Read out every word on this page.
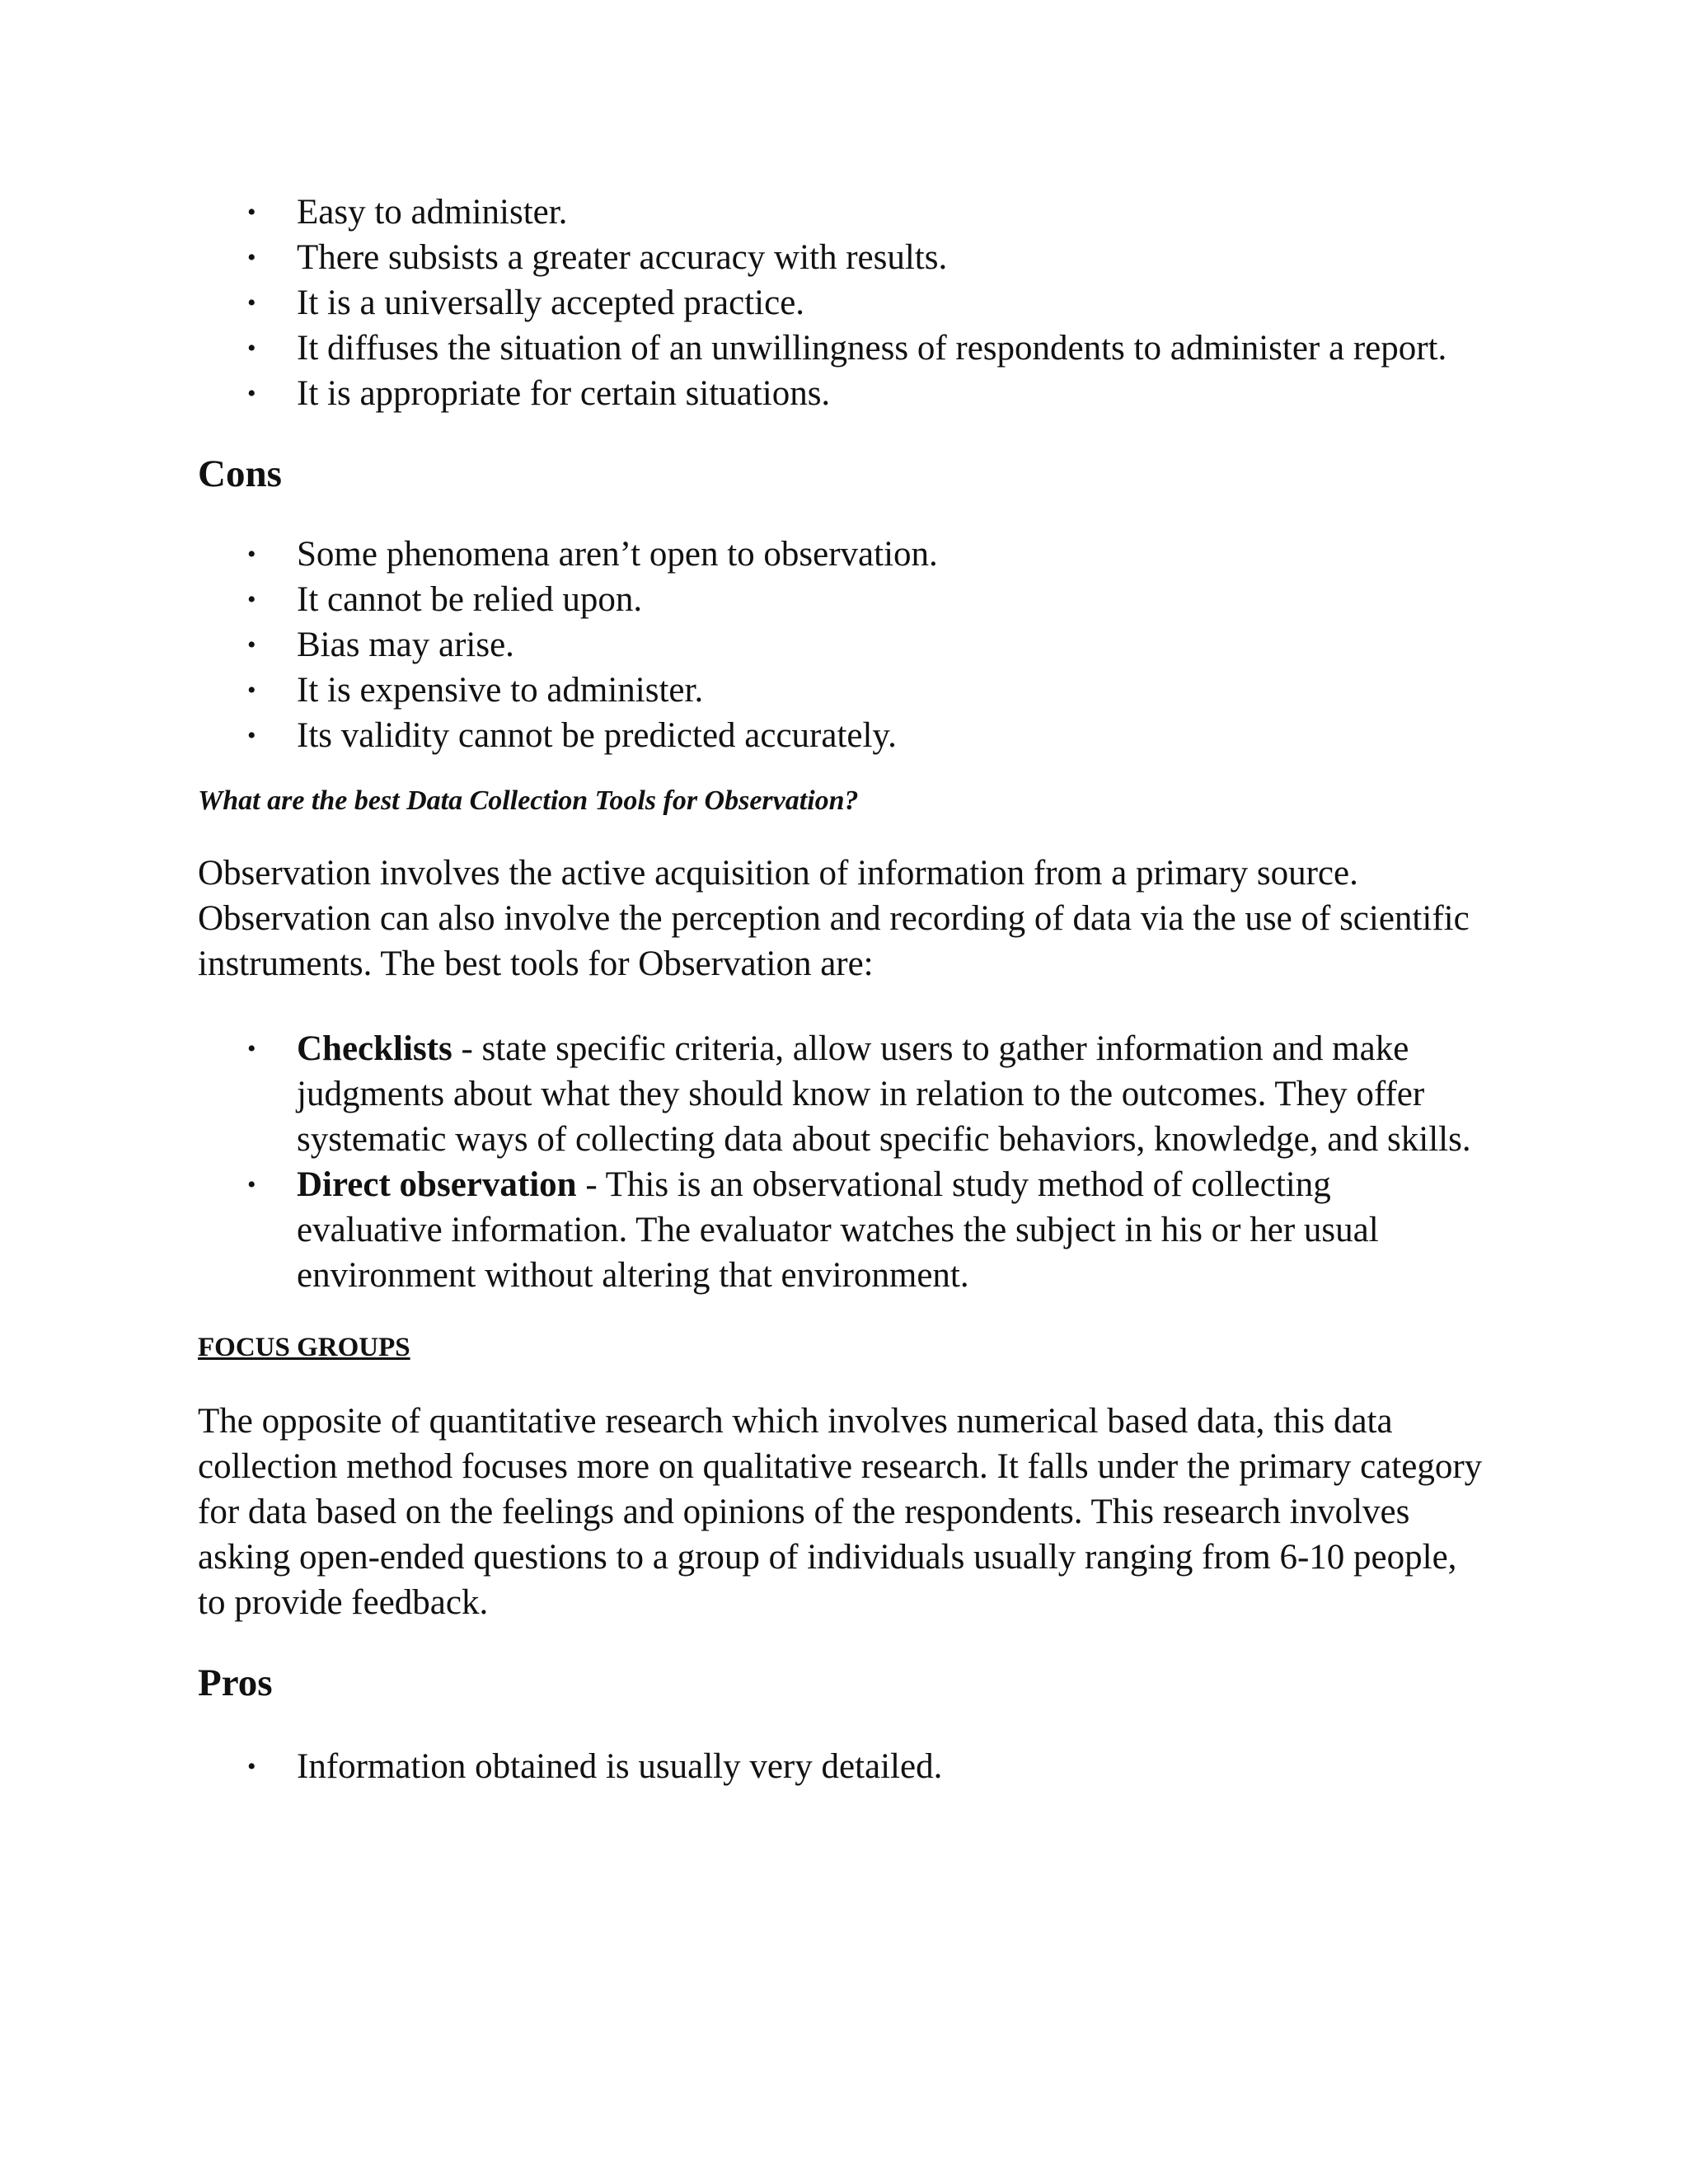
• Easy to administer.
• There subsists a greater accuracy with results.
• It is a universally accepted practice.
• It diffuses the situation of an unwillingness of respondents to administer a report.
• It is appropriate for certain situations.
Cons
• Some phenomena aren’t open to observation.
• It cannot be relied upon.
• Bias may arise.
• It is expensive to administer.
• Its validity cannot be predicted accurately.
What are the best Data Collection Tools for Observation?

Observation involves the active acquisition of information from a primary source. Observation can also involve the perception and recording of data via the use of scientific instruments. The best tools for Observation are:

• Checklists - state specific criteria, allow users to gather information and make judgments about what they should know in relation to the outcomes. They offer systematic ways of collecting data about specific behaviors, knowledge, and skills.
• Direct observation - This is an observational study method of collecting evaluative information. The evaluator watches the subject in his or her usual environment without altering that environment.
FOCUS GROUPS

The opposite of quantitative research which involves numerical based data, this data collection method focuses more on qualitative research. It falls under the primary category for data based on the feelings and opinions of the respondents. This research involves asking open-ended questions to a group of individuals usually ranging from 6-10 people, to provide feedback.

Pros
• Information obtained is usually very detailed.
